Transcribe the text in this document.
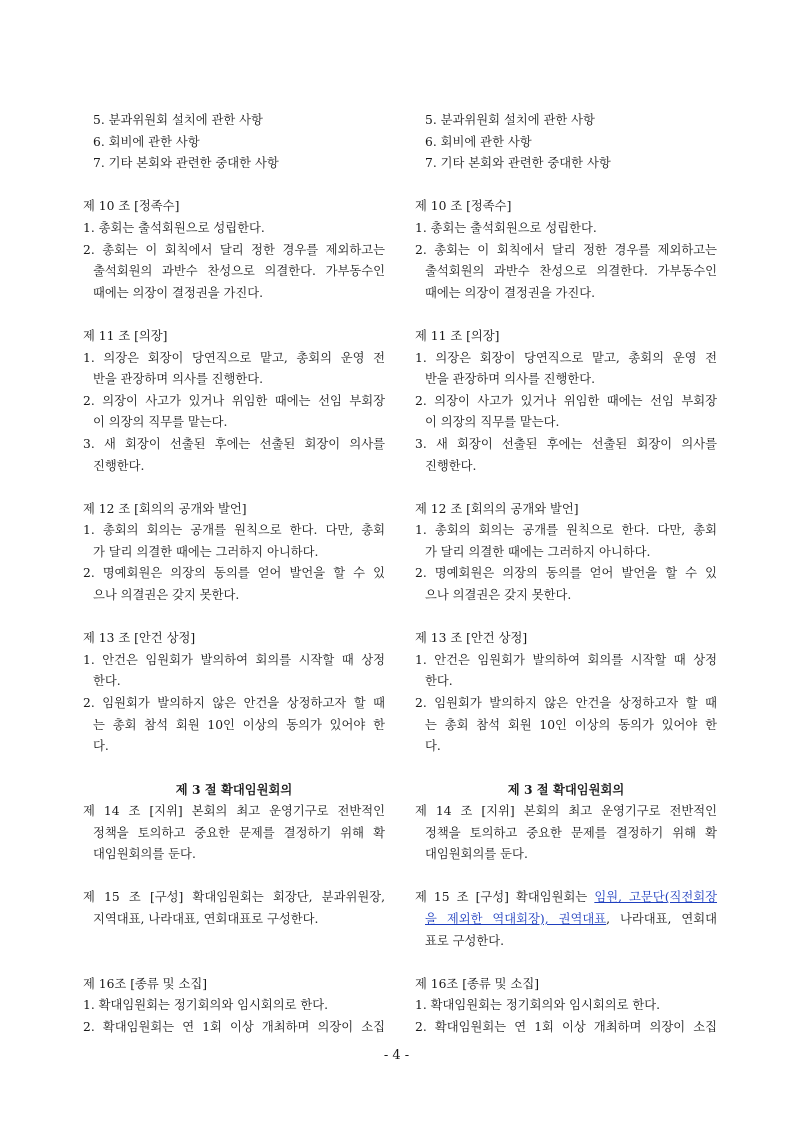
5. 분과위원회 설치에 관한 사항
6. 회비에 관한 사항
7. 기타 본회와 관련한 중대한 사항
제 10 조 [정족수]
1. 총회는 출석회원으로 성립한다.
2. 총회는 이 회칙에서 달리 정한 경우를 제외하고는
출석회원의 과반수 찬성으로 의결한다. 가부동수인
때에는 의장이 결정권을 가진다.
제 11 조 [의장]
1. 의장은 회장이 당연직으로 맡고, 총회의 운영 전
반을 관장하며 의사를 진행한다.
2. 의장이 사고가 있거나 위임한 때에는 선임 부회장
이 의장의 직무를 맡는다.
3. 새 회장이 선출된 후에는 선출된 회장이 의사를
진행한다.
제 12 조 [회의의 공개와 발언]
1. 총회의 회의는 공개를 원칙으로 한다. 다만, 총회
가 달리 의결한 때에는 그러하지 아니하다.
2. 명예회원은 의장의 동의를 얻어 발언을 할 수 있
으나 의결권은 갖지 못한다.
제 13 조 [안건 상정]
1. 안건은 임원회가 발의하여 회의를 시작할 때 상정
한다.
2. 임원회가 발의하지 않은 안건을 상정하고자 할 때
는 총회 참석 회원 10인 이상의 동의가 있어야 한
다.
제 3 절 확대임원회의
제 14 조 [지위] 본회의 최고 운영기구로 전반적인
정책을 토의하고 중요한 문제를 결정하기 위해 확
대임원회의를 둔다.
제 15 조 [구성] 확대임원회는 회장단, 분과위원장,
지역대표, 나라대표, 연회대표로 구성한다.
제 16조 [종류 및 소집]
1. 확대임원회는 정기회의와 임시회의로 한다.
2. 확대임원회는 연 1회 이상 개최하며 의장이 소집
5. 분과위원회 설치에 관한 사항
6. 회비에 관한 사항
7. 기타 본회와 관련한 중대한 사항
제 10 조 [정족수]
1. 총회는 출석회원으로 성립한다.
2. 총회는 이 회칙에서 달리 정한 경우를 제외하고는
출석회원의 과반수 찬성으로 의결한다. 가부동수인
때에는 의장이 결정권을 가진다.
제 11 조 [의장]
1. 의장은 회장이 당연직으로 맡고, 총회의 운영 전
반을 관장하며 의사를 진행한다.
2. 의장이 사고가 있거나 위임한 때에는 선임 부회장
이 의장의 직무를 맡는다.
3. 새 회장이 선출된 후에는 선출된 회장이 의사를
진행한다.
제 12 조 [회의의 공개와 발언]
1. 총회의 회의는 공개를 원칙으로 한다. 다만, 총회
가 달리 의결한 때에는 그러하지 아니하다.
2. 명예회원은 의장의 동의를 얻어 발언을 할 수 있
으나 의결권은 갖지 못한다.
제 13 조 [안건 상정]
1. 안건은 임원회가 발의하여 회의를 시작할 때 상정
한다.
2. 임원회가 발의하지 않은 안건을 상정하고자 할 때
는 총회 참석 회원 10인 이상의 동의가 있어야 한
다.
제 3 절 확대임원회의
제 14 조 [지위] 본회의 최고 운영기구로 전반적인
정책을 토의하고 중요한 문제를 결정하기 위해 확
대임원회의를 둔다.
제 15 조 [구성] 확대임원회는 임원, 고문단(직전회장
을 제외한 역대회장), 권역대표, 나라대표, 연회대
표로 구성한다.
제 16조 [종류 및 소집]
1. 확대임원회는 정기회의와 임시회의로 한다.
2. 확대임원회는 연 1회 이상 개최하며 의장이 소집
- 4 -
